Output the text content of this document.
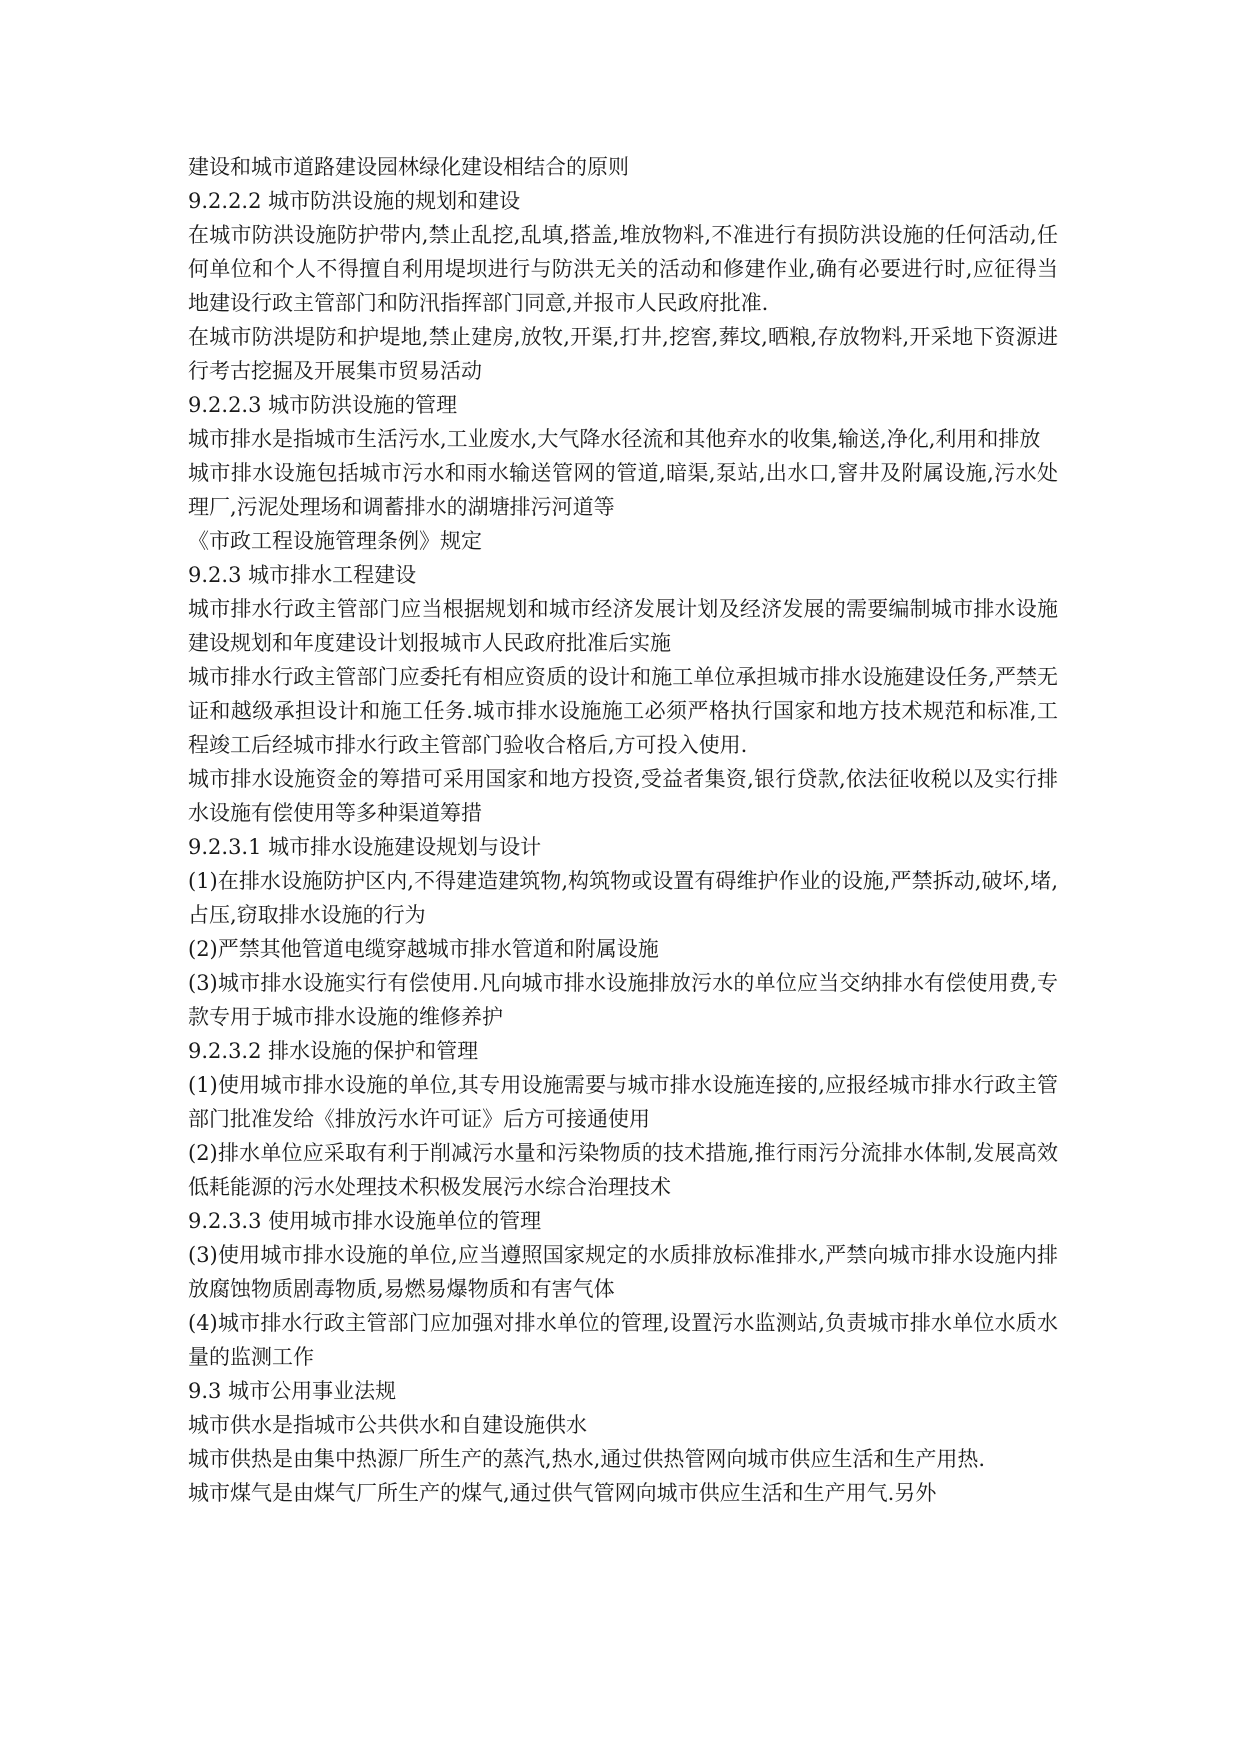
建设和城市道路建设园林绿化建设相结合的原则

9.2.2.2 城市防洪设施的规划和建设

在城市防洪设施防护带内,禁止乱挖,乱填,搭盖,堆放物料,不准进行有损防洪设施的任何活动,任何单位和个人不得擅自利用堤坝进行与防洪无关的活动和修建作业,确有必要进行时,应征得当地建设行政主管部门和防汛指挥部门同意,并报市人民政府批准.

在城市防洪堤防和护堤地,禁止建房,放牧,开渠,打井,挖窖,葬坟,晒粮,存放物料,开采地下资源进行考古挖掘及开展集市贸易活动

9.2.2.3 城市防洪设施的管理

城市排水是指城市生活污水,工业废水,大气降水径流和其他弃水的收集,输送,净化,利用和排放

城市排水设施包括城市污水和雨水输送管网的管道,暗渠,泵站,出水口,窨井及附属设施,污水处理厂,污泥处理场和调蓄排水的湖塘排污河道等

《市政工程设施管理条例》规定

9.2.3 城市排水工程建设

城市排水行政主管部门应当根据规划和城市经济发展计划及经济发展的需要编制城市排水设施建设规划和年度建设计划报城市人民政府批准后实施

城市排水行政主管部门应委托有相应资质的设计和施工单位承担城市排水设施建设任务,严禁无证和越级承担设计和施工任务.城市排水设施施工必须严格执行国家和地方技术规范和标准,工程竣工后经城市排水行政主管部门验收合格后,方可投入使用.

城市排水设施资金的筹措可采用国家和地方投资,受益者集资,银行贷款,依法征收税以及实行排水设施有偿使用等多种渠道筹措

9.2.3.1 城市排水设施建设规划与设计

(1)在排水设施防护区内,不得建造建筑物,构筑物或设置有碍维护作业的设施,严禁拆动,破坏,堵,占压,窃取排水设施的行为

(2)严禁其他管道电缆穿越城市排水管道和附属设施

(3)城市排水设施实行有偿使用.凡向城市排水设施排放污水的单位应当交纳排水有偿使用费,专款专用于城市排水设施的维修养护

9.2.3.2 排水设施的保护和管理

(1)使用城市排水设施的单位,其专用设施需要与城市排水设施连接的,应报经城市排水行政主管部门批准发给《排放污水许可证》后方可接通使用

(2)排水单位应采取有利于削减污水量和污染物质的技术措施,推行雨污分流排水体制,发展高效低耗能源的污水处理技术积极发展污水综合治理技术

9.2.3.3 使用城市排水设施单位的管理

(3)使用城市排水设施的单位,应当遵照国家规定的水质排放标准排水,严禁向城市排水设施内排放腐蚀物质剧毒物质,易燃易爆物质和有害气体

(4)城市排水行政主管部门应加强对排水单位的管理,设置污水监测站,负责城市排水单位水质水量的监测工作

9.3 城市公用事业法规

城市供水是指城市公共供水和自建设施供水

城市供热是由集中热源厂所生产的蒸汽,热水,通过供热管网向城市供应生活和生产用热.

城市煤气是由煤气厂所生产的煤气,通过供气管网向城市供应生活和生产用气.另外
